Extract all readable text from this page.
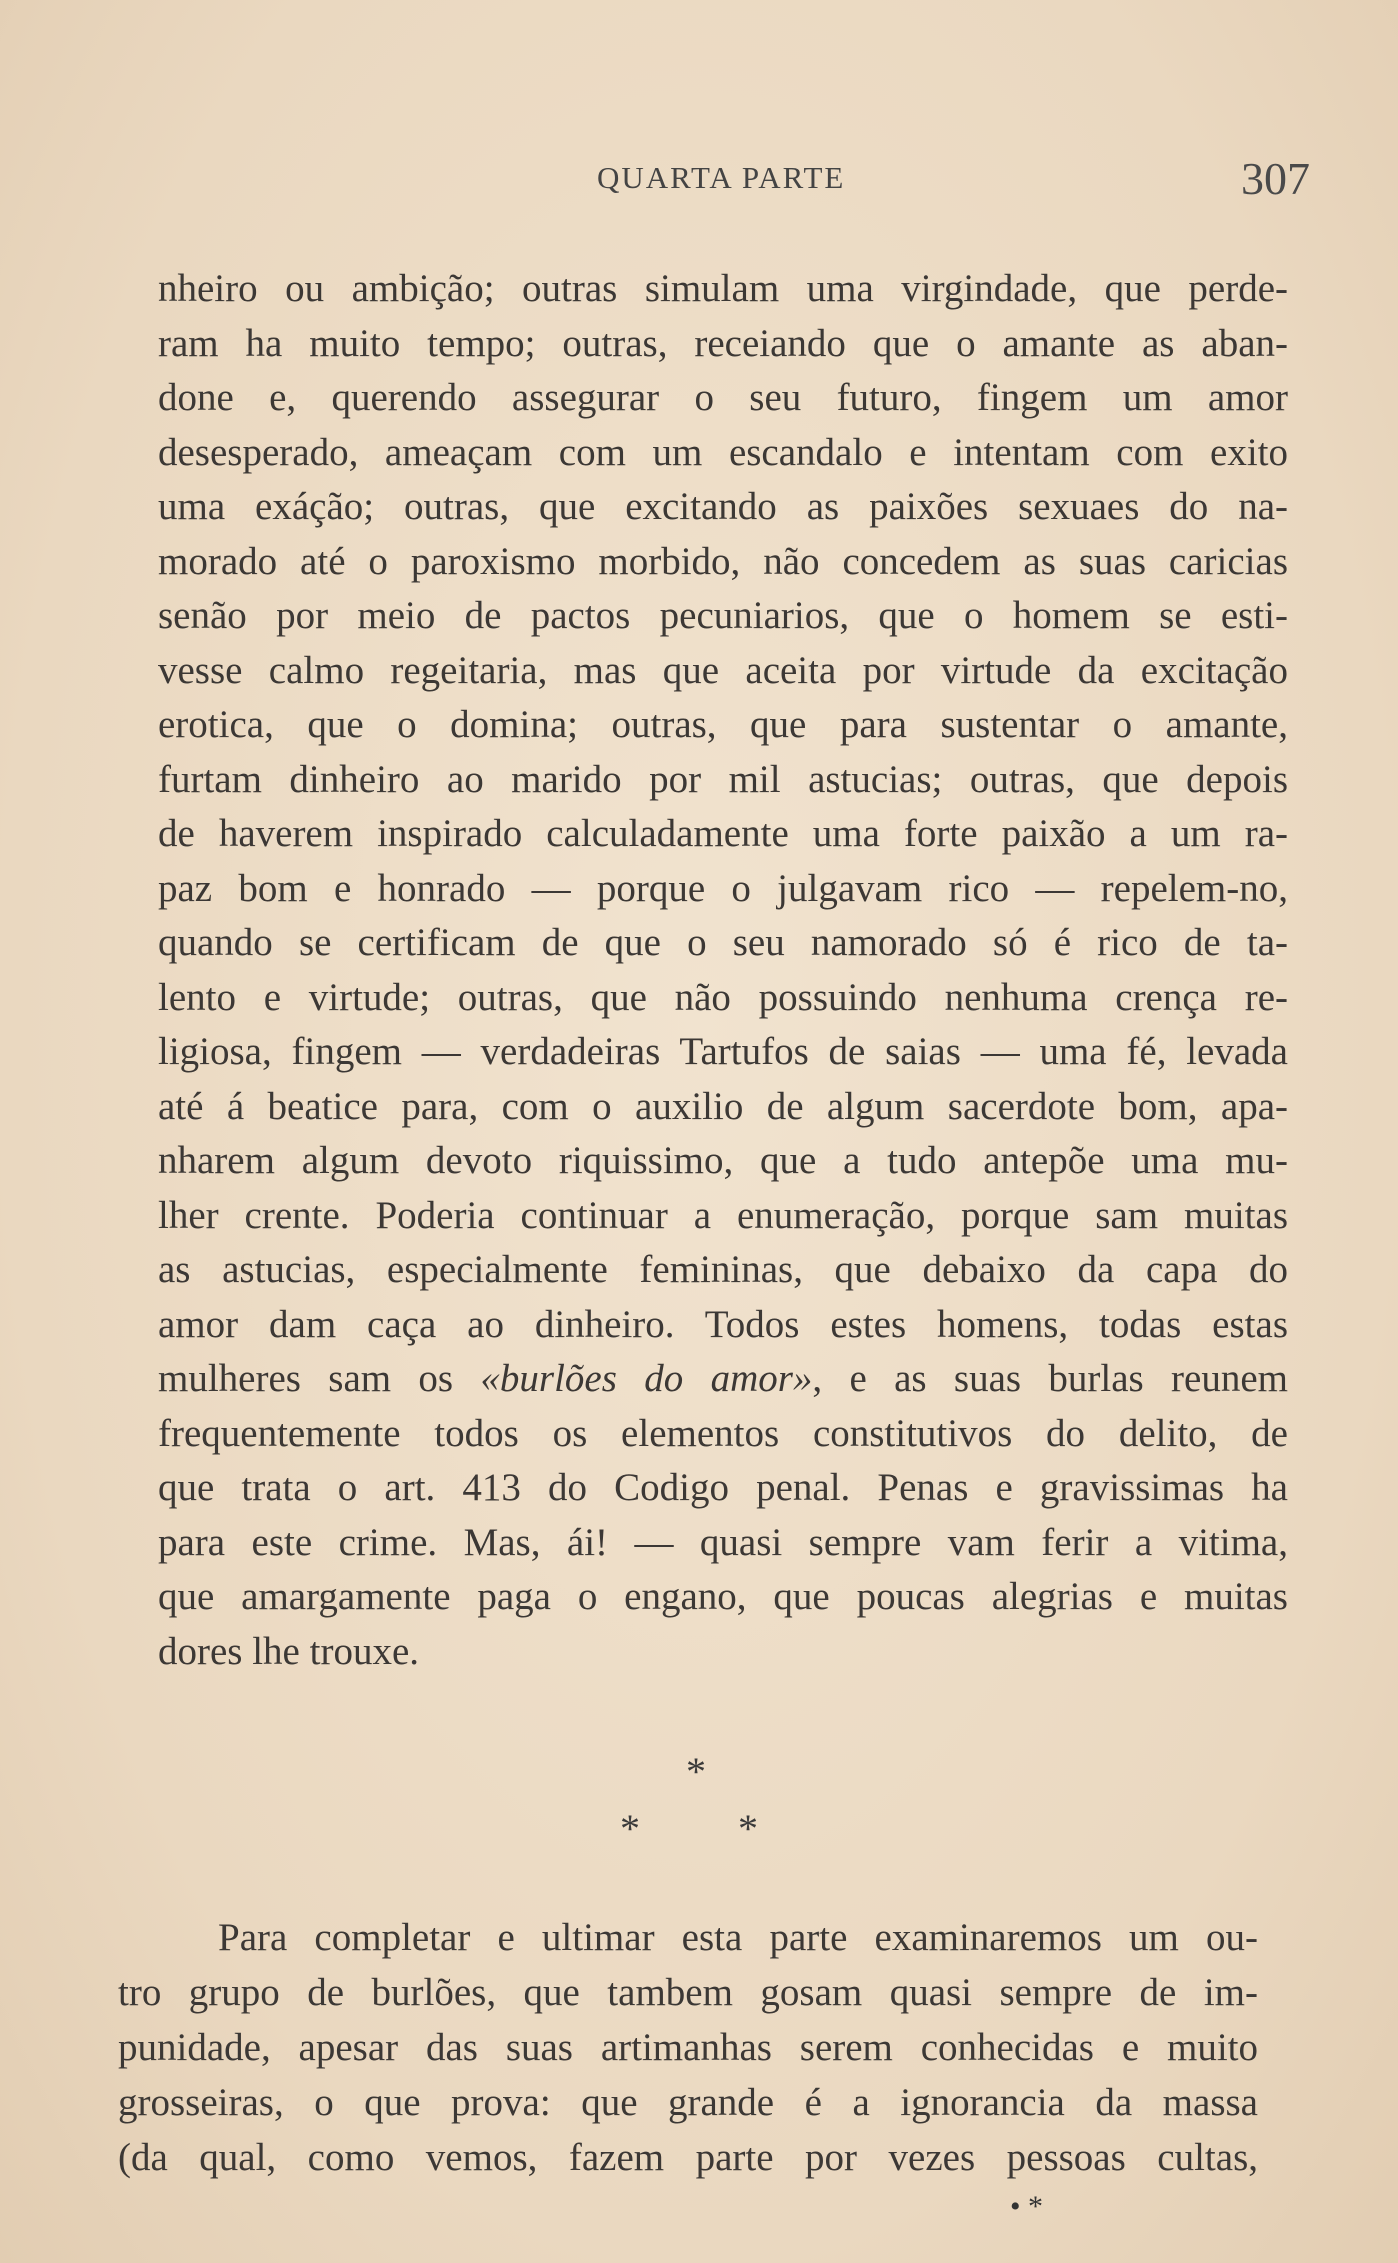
QUARTA PARTE	307
nheiro ou ambição; outras simulam uma virgindade, que perde-
ram ha muito tempo; outras, receiando que o amante as aban-
done e, querendo assegurar o seu futuro, fingem um amor
desesperado, ameaçam com um escandalo e intentam com exito
uma exáção; outras, que excitando as paixões sexuaes do na-
morado até o paroxismo morbido, não concedem as suas caricias
senão por meio de pactos pecuniarios, que o homem se esti-
vesse calmo regeitaria, mas que aceita por virtude da excitação
erotica, que o domina; outras, que para sustentar o amante,
furtam dinheiro ao marido por mil astucias; outras, que depois
de haverem inspirado calculadamente uma forte paixão a um ra-
paz bom e honrado — porque o julgavam rico — repelem-no,
quando se certificam de que o seu namorado só é rico de ta-
lento e virtude; outras, que não possuindo nenhuma crença re-
ligiosa, fingem — verdadeiras Tartufos de saias — uma fé, levada
até á beatice para, com o auxilio de algum sacerdote bom, apa-
nharem algum devoto riquissimo, que a tudo antepõe uma mu-
lher crente. Poderia continuar a enumeração, porque sam muitas
as astucias, especialmente femininas, que debaixo da capa do
amor dam caça ao dinheiro. Todos estes homens, todas estas
mulheres sam os «burlões do amor», e as suas burlas reunem
frequentemente todos os elementos constitutivos do delito, de
que trata o art. 413 do Codigo penal. Penas e gravissimas ha
para este crime. Mas, ái! — quasi sempre vam ferir a vitima,
que amargamente paga o engano, que poucas alegrias e muitas
dores lhe trouxe.
*
* *
Para completar e ultimar esta parte examinaremos um ou-
tro grupo de burlões, que tambem gosam quasi sempre de im-
punidade, apesar das suas artimanhas serem conhecidas e muito
grosseiras, o que prova: que grande é a ignorancia da massa
(da qual, como vemos, fazem parte por vezes pessoas cultas,
• *
